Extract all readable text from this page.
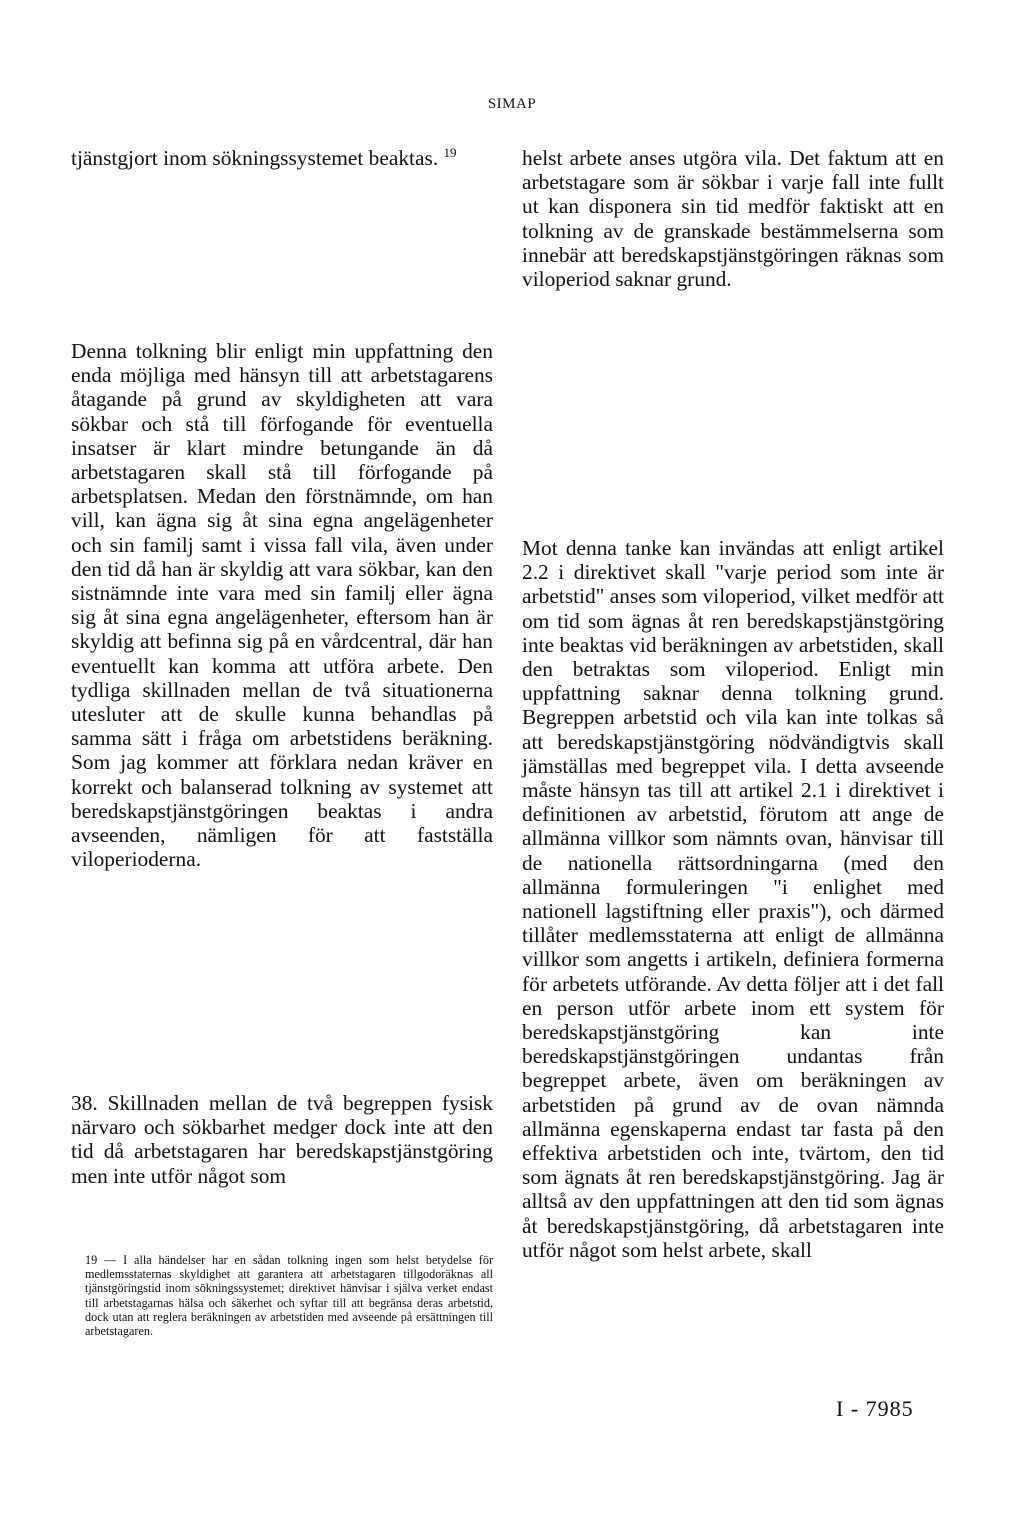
SIMAP

tjänstgjort inom sökningssystemet beaktas. $^{19}$

Denna tolkning blir enligt min uppfattning den enda möjliga med hänsyn till att arbetstagarens åtagande på grund av skyldigheten att vara sökbar och stå till förfogande för eventuella insatser är klart mindre betungande än då arbetstagaren skall stå till förfogande på arbetsplatsen. Medan den förstnämnde, om han vill, kan ägna sig åt sina egna angelägenheter och sin familj samt i vissa fall vila, även under den tid då han är skyldig att vara sökbar, kan den sistnämnde inte vara med sin familj eller ägna sig åt sina egna angelägenheter, eftersom han är skyldig att befinna sig på en vårdcentral, där han eventuellt kan komma att utföra arbete. Den tydliga skillnaden mellan de två situationerna utesluter att de skulle kunna behandlas på samma sätt i fråga om arbetstidens beräkning. Som jag kommer att förklara nedan kräver en korrekt och balanserad tolkning av systemet att beredskapstjänstgöringen beaktas i andra avseenden, nämligen för att fastställa viloperioderna.

38. Skillnaden mellan de två begreppen fysisk närvaro och sökbarhet medger dock inte att den tid då arbetstagaren har beredskapstjänstgöring men inte utför något som

helst arbete anses utgöra vila. Det faktum att en arbetstagare som är sökbar i varje fall inte fullt ut kan disponera sin tid medför faktiskt att en tolkning av de granskade bestämmelserna som innebär att beredskapstjänstgöringen räknas som viloperiod saknar grund.

Mot denna tanke kan invändas att enligt artikel 2.2 i direktivet skall "varje period som inte är arbetstid" anses som viloperiod, vilket medför att om tid som ägnas åt ren beredskapstjänstgöring inte beaktas vid beräkningen av arbetstiden, skall den betraktas som viloperiod. Enligt min uppfattning saknar denna tolkning grund. Begreppen arbetstid och vila kan inte tolkas så att beredskapstjänstgöring nödvändigtvis skall jämställas med begreppet vila. I detta avseende måste hänsyn tas till att artikel 2.1 i direktivet i definitionen av arbetstid, förutom att ange de allmänna villkor som nämnts ovan, hänvisar till de nationella rättsordningarna (med den allmänna formuleringen "i enlighet med nationell lagstiftning eller praxis"), och därmed tillåter medlemsstaterna att enligt de allmänna villkor som angetts i artikeln, definiera formerna för arbetets utförande. Av detta följer att i det fall en person utför arbete inom ett system för beredskapstjänstgöring kan inte beredskapstjänstgöringen undantas från begreppet arbete, även om beräkningen av arbetstiden på grund av de ovan nämnda allmänna egenskaperna endast tar fasta på den effektiva arbetstiden och inte, tvärtom, den tid som ägnats åt ren beredskapstjänstgöring. Jag är alltså av den uppfattningen att den tid som ägnas åt beredskapstjänstgöring, då arbetstagaren inte utför något som helst arbete, skall

19 — I alla händelser har en sådan tolkning ingen som helst betydelse för medlemsstaternas skyldighet att garantera att arbetstagaren tillgodoräknas all tjänstgöringstid inom sökningssystemet; direktivet hänvisar i själva verket endast till arbetstagarnas hälsa och säkerhet och syftar till att begränsa deras arbetstid, dock utan att reglera beräkningen av arbetstiden med avseende på ersättningen till arbetstagaren.
I - 7985
